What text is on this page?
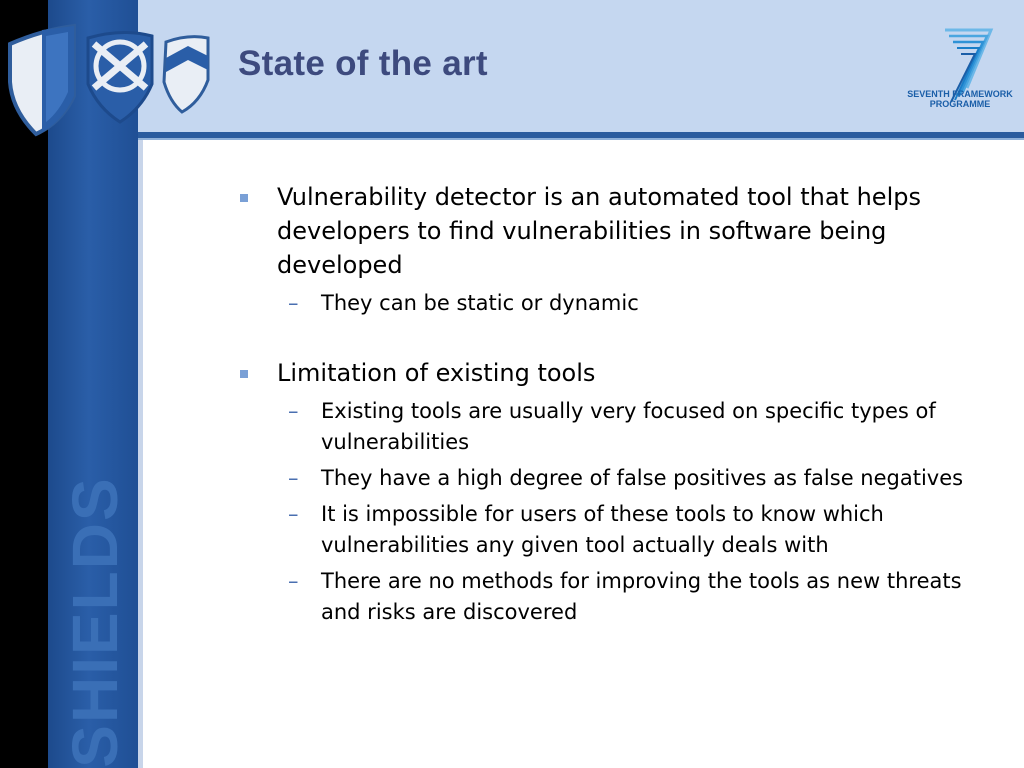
State of the art
SEVENTH FRAMEWORK
PROGRAMME
SHIELDS
Vulnerability detector is an automated tool that helps developers to find vulnerabilities in software being developed
– They can be static or dynamic
Limitation of existing tools
– Existing tools are usually very focused on specific types of vulnerabilities
– They have a high degree of false positives as false negatives
– It is impossible for users of these tools to know which vulnerabilities any given tool actually deals with
– There are no methods for improving the tools as new threats and risks are discovered
